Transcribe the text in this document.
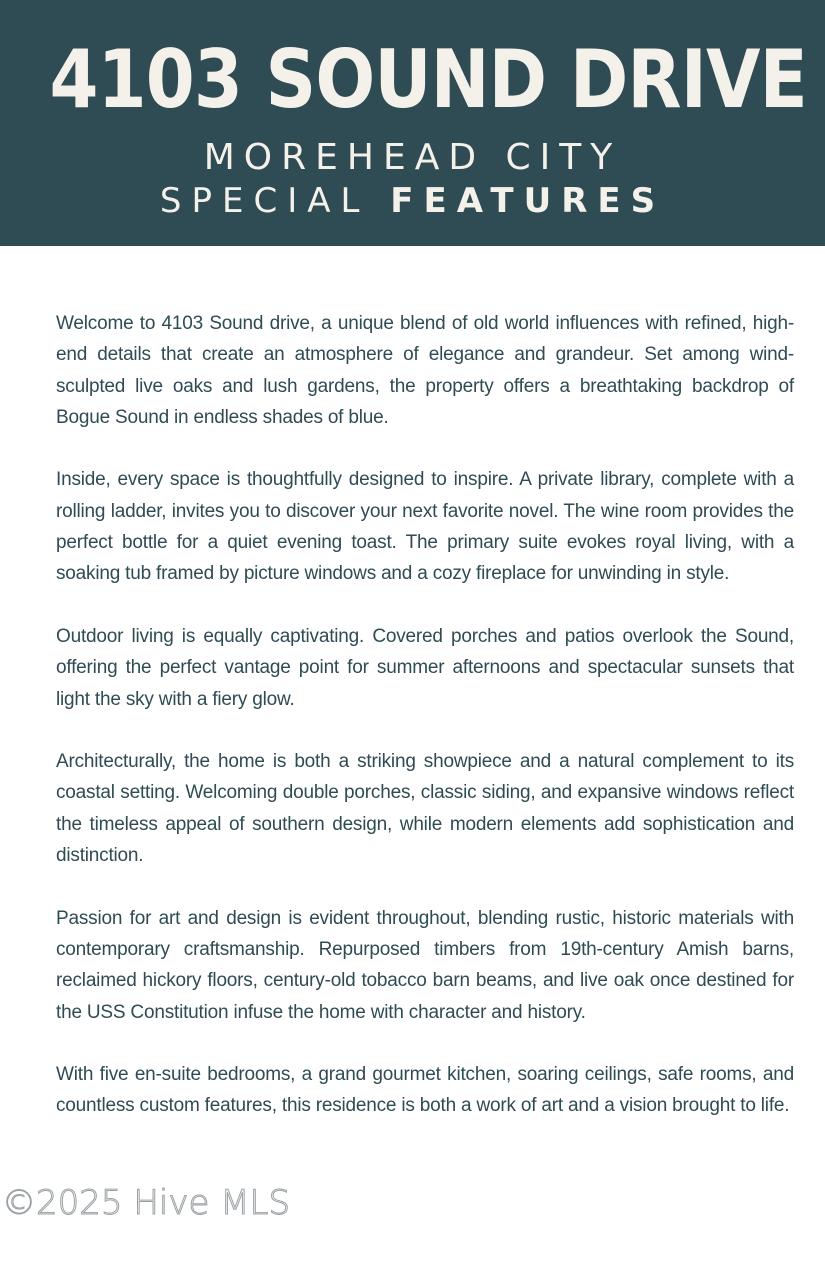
4103 SOUND DRIVE
MOREHEAD CITY
SPECIAL FEATURES

Welcome to 4103 Sound drive, a unique blend of old world influences with refined, high-end details that create an atmosphere of elegance and grandeur. Set among wind-sculpted live oaks and lush gardens, the property offers a breathtaking backdrop of Bogue Sound in endless shades of blue.

Inside, every space is thoughtfully designed to inspire. A private library, complete with a rolling ladder, invites you to discover your next favorite novel. The wine room provides the perfect bottle for a quiet evening toast. The primary suite evokes royal living, with a soaking tub framed by picture windows and a cozy fireplace for unwinding in style.

Outdoor living is equally captivating. Covered porches and patios overlook the Sound, offering the perfect vantage point for summer afternoons and spectacular sunsets that light the sky with a fiery glow.

Architecturally, the home is both a striking showpiece and a natural complement to its coastal setting. Welcoming double porches, classic siding, and expansive windows reflect the timeless appeal of southern design, while modern elements add sophistication and distinction.

Passion for art and design is evident throughout, blending rustic, historic materials with contemporary craftsmanship. Repurposed timbers from 19th-century Amish barns, reclaimed hickory floors, century-old tobacco barn beams, and live oak once destined for the USS Constitution infuse the home with character and history.

With five en-suite bedrooms, a grand gourmet kitchen, soaring ceilings, safe rooms, and countless custom features, this residence is both a work of art and a vision brought to life.

©2025 Hive MLS
